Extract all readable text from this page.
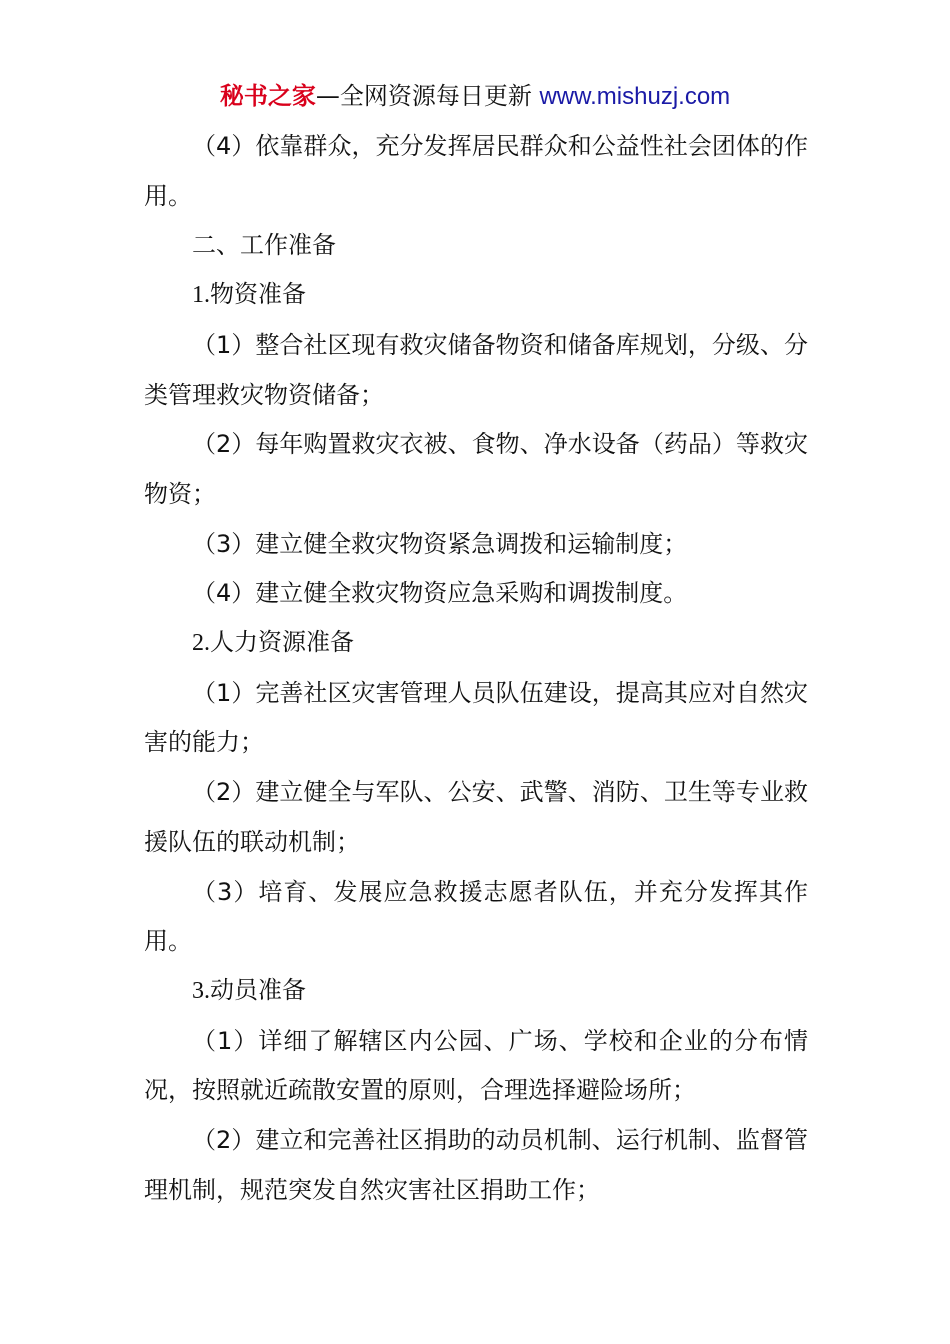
秘书之家—全网资源每日更新 www.mishuzj.com

（4）依靠群众，充分发挥居民群众和公益性社会团体的作用。

二、工作准备

1.物资准备

（1）整合社区现有救灾储备物资和储备库规划，分级、分类管理救灾物资储备；

（2）每年购置救灾衣被、食物、净水设备（药品）等救灾物资；

（3）建立健全救灾物资紧急调拨和运输制度；

（4）建立健全救灾物资应急采购和调拨制度。

2.人力资源准备

（1）完善社区灾害管理人员队伍建设，提高其应对自然灾害的能力；

（2）建立健全与军队、公安、武警、消防、卫生等专业救援队伍的联动机制；

（3）培育、发展应急救援志愿者队伍，并充分发挥其作用。

3.动员准备

（1）详细了解辖区内公园、广场、学校和企业的分布情况，按照就近疏散安置的原则，合理选择避险场所；

（2）建立和完善社区捐助的动员机制、运行机制、监督管理机制，规范突发自然灾害社区捐助工作；
